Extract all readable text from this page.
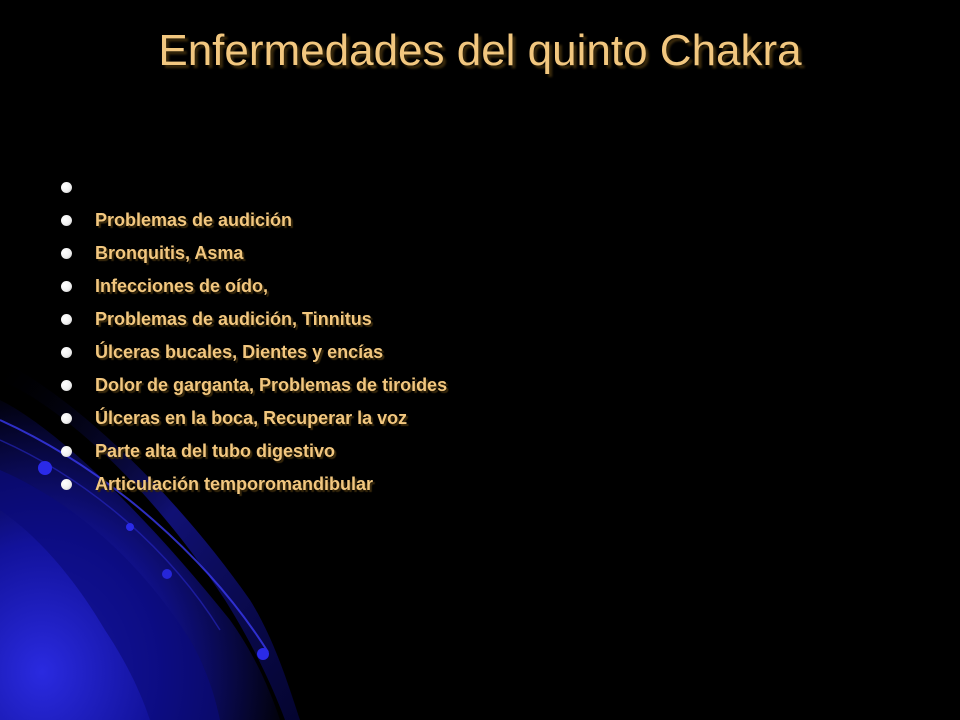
Enfermedades del quinto Chakra
Problemas de audición
Bronquitis, Asma
Infecciones de oído,
Problemas de audición, Tinnitus
Úlceras bucales, Dientes y encías
Dolor de garganta, Problemas de tiroides
Úlceras en la boca, Recuperar la voz
Parte alta del tubo digestivo
Articulación temporomandibular
